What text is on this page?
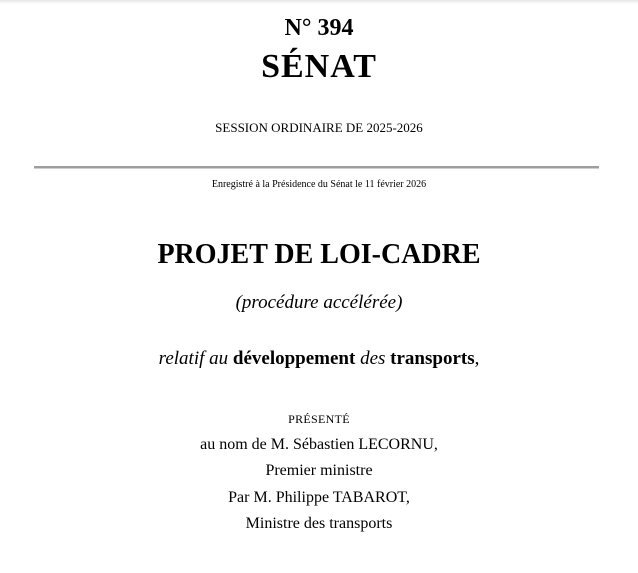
N° 394
SÉNAT
SESSION ORDINAIRE DE 2025-2026
Enregistré à la Présidence du Sénat le 11 février 2026
PROJET DE LOI-CADRE
(procédure accélérée)
relatif au développement des transports,
PRÉSENTÉ
au nom de M. Sébastien LECORNU,
Premier ministre
Par M. Philippe TABAROT,
Ministre des transports
